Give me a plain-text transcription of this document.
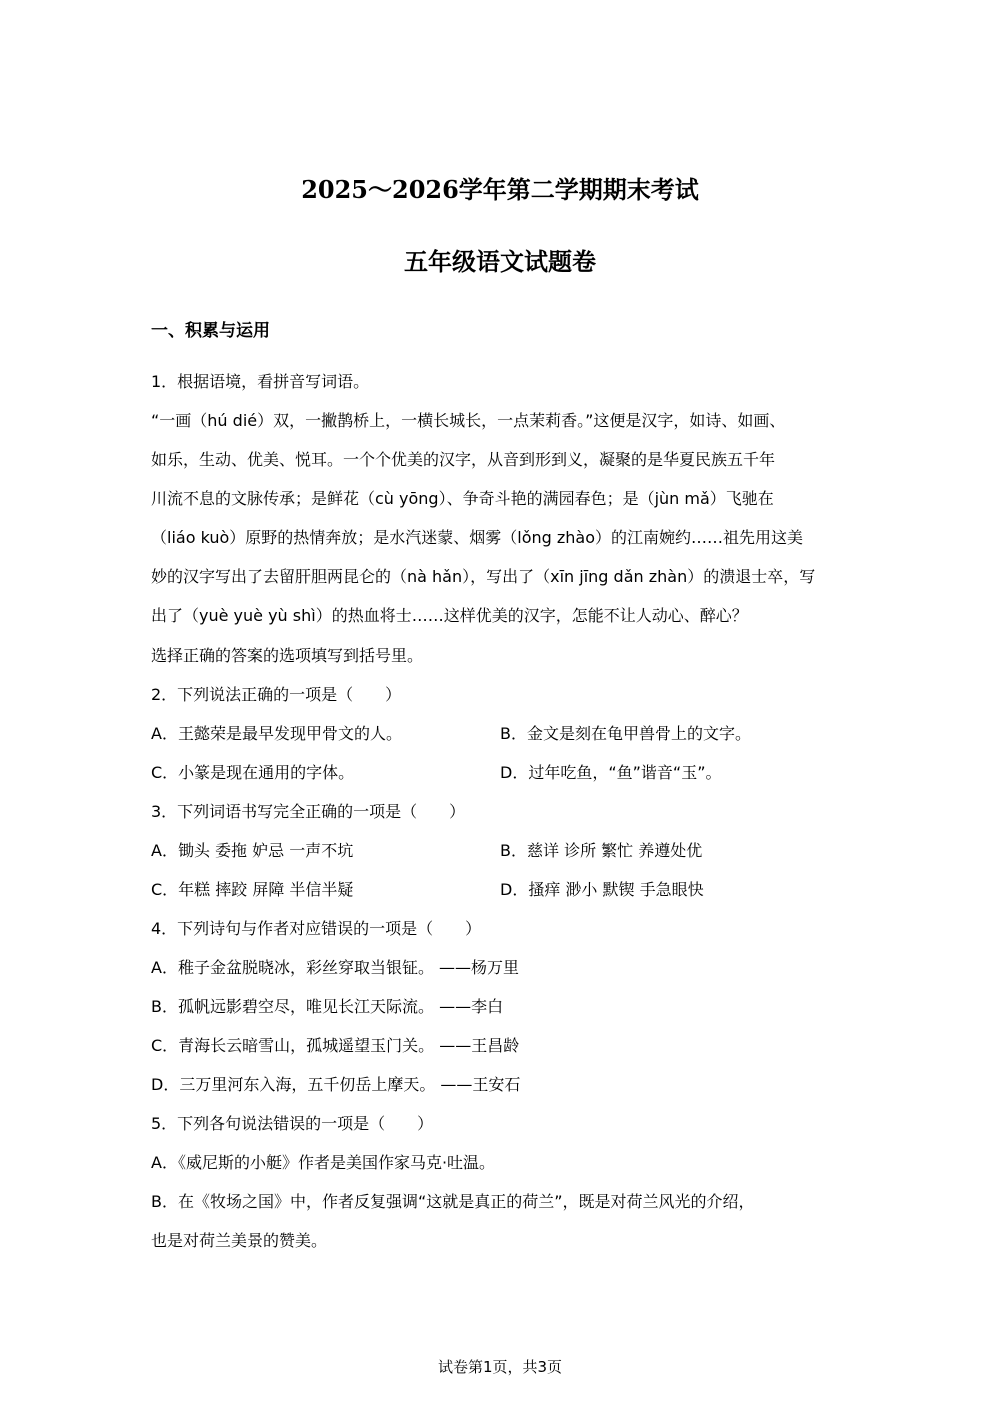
2025～2026学年第二学期期末考试
五年级语文试题卷
一、积累与运用
1．根据语境，看拼音写词语。
“一画（hú dié）双，一撇鹊桥上，一横长城长，一点茉莉香。”这便是汉字，如诗、如画、
如乐，生动、优美、悦耳。一个个优美的汉字，从音到形到义，凝聚的是华夏民族五千年
川流不息的文脉传承；是鲜花（cù yōng）、争奇斗艳的满园春色；是（jùn mǎ）飞驰在
（liáo kuò）原野的热情奔放；是水汽迷蒙、烟雾（lǒng zhào）的江南婉约……祖先用这美
妙的汉字写出了去留肝胆两昆仑的（nà hǎn），写出了（xīn jīng dǎn zhàn）的溃退士卒，写
出了（yuè yuè yù shì）的热血将士……这样优美的汉字，怎能不让人动心、醉心？
选择正确的答案的选项填写到括号里。
2．下列说法正确的一项是（　　）
A．王懿荣是最早发现甲骨文的人。	B．金文是刻在龟甲兽骨上的文字。
C．小篆是现在通用的字体。	D．过年吃鱼，“鱼”谐音“玉”。
3．下列词语书写完全正确的一项是（　　）
A．锄头 委拖 妒忌 一声不坑	B．慈详 诊所 繁忙 养遵处优
C．年糕 摔跤 屏障 半信半疑	D．搔痒 渺小 默锲 手急眼快
4．下列诗句与作者对应错误的一项是（　　）
A．稚子金盆脱晓冰，彩丝穿取当银钲。 ——杨万里
B．孤帆远影碧空尽，唯见长江天际流。 ——李白
C．青海长云暗雪山，孤城遥望玉门关。 ——王昌龄
D．三万里河东入海，五千仞岳上摩天。 ——王安石
5．下列各句说法错误的一项是（　　）
A．《威尼斯的小艇》作者是美国作家马克·吐温。
B．在《牧场之国》中，作者反复强调“这就是真正的荷兰”，既是对荷兰风光的介绍，
也是对荷兰美景的赞美。
试卷第1页，共3页
